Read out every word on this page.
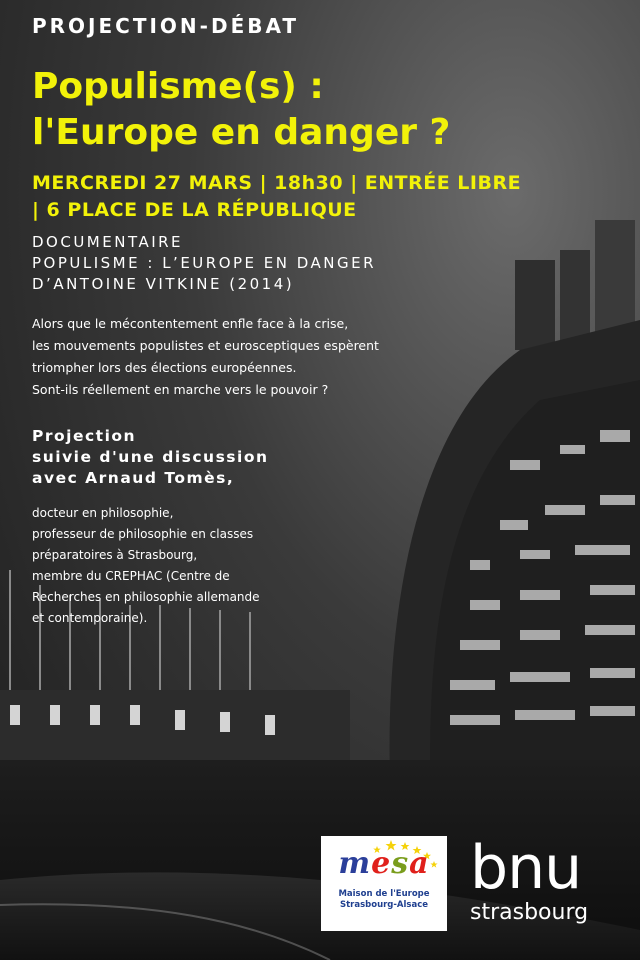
PROJECTION-DÉBAT

Populisme(s) :
l'Europe en danger ?

MERCREDI 27 MARS | 18h30 | ENTRÉE LIBRE
| 6 PLACE DE LA RÉPUBLIQUE

DOCUMENTAIRE
POPULISME : L’EUROPE EN DANGER
D’ANTOINE VITKINE (2014)

Alors que le mécontentement enfle face à la crise,
les mouvements populistes et eurosceptiques espèrent
triompher lors des élections européennes.
Sont-ils réellement en marche vers le pouvoir ?

Projection
suivie d'une discussion
avec Arnaud Tomès,

docteur en philosophie,
professeur de philosophie en classes
préparatoires à Strasbourg,
membre du CREPHAC (Centre de
Recherches en philosophie allemande
et contemporaine).

mesa
Maison de l'Europe
Strasbourg-Alsace
bnu
strasbourg
